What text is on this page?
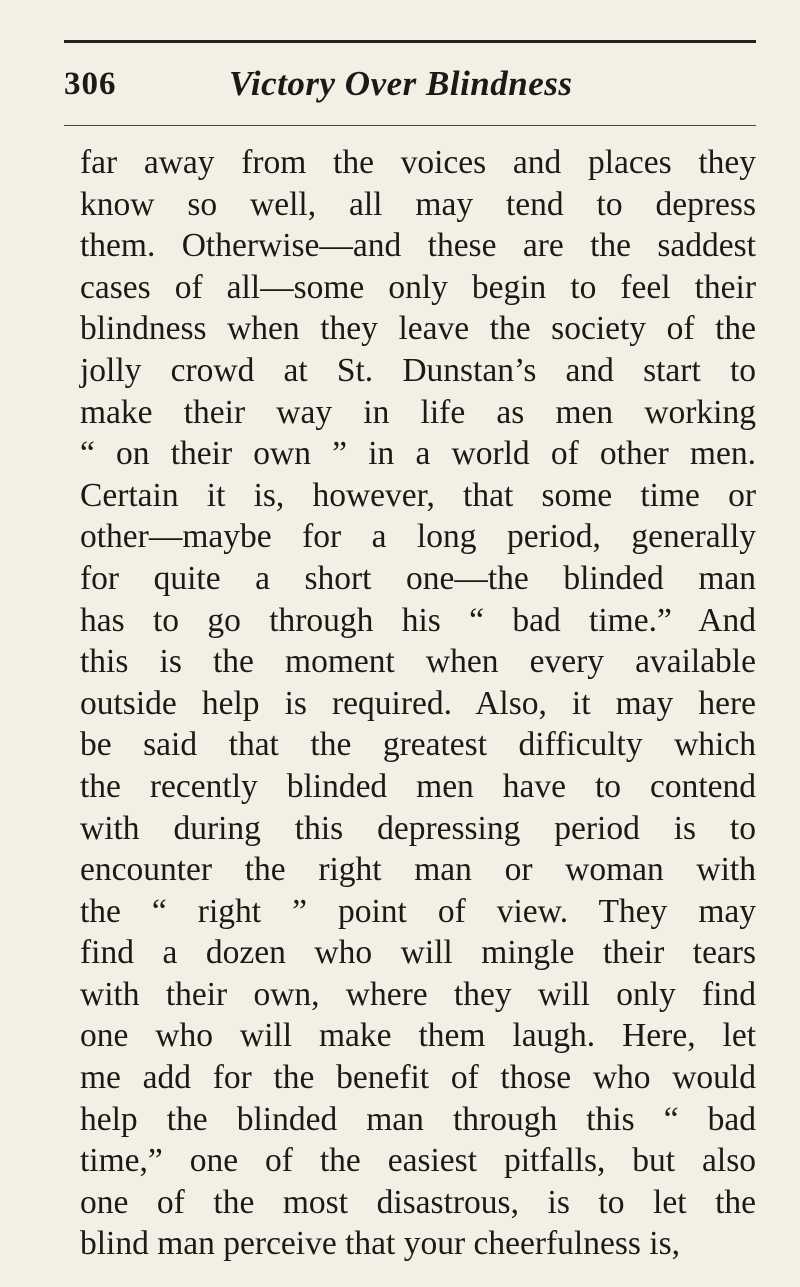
306	Victory Over Blindness
far away from the voices and places they
know so well, all may tend to depress
them. Otherwise—and these are the saddest
cases of all—some only begin to feel their
blindness when they leave the society of the
jolly crowd at St. Dunstan’s and start to
make their way in life as men working
“ on their own ” in a world of other men.
Certain it is, however, that some time or
other—maybe for a long period, generally
for quite a short one—the blinded man
has to go through his “ bad time.” And
this is the moment when every available
outside help is required. Also, it may here
be said that the greatest difficulty which
the recently blinded men have to contend
with during this depressing period is to
encounter the right man or woman with
the “ right ” point of view. They may
find a dozen who will mingle their tears
with their own, where they will only find
one who will make them laugh. Here, let
me add for the benefit of those who would
help the blinded man through this “ bad
time,” one of the easiest pitfalls, but also
one of the most disastrous, is to let the
blind man perceive that your cheerfulness is,
